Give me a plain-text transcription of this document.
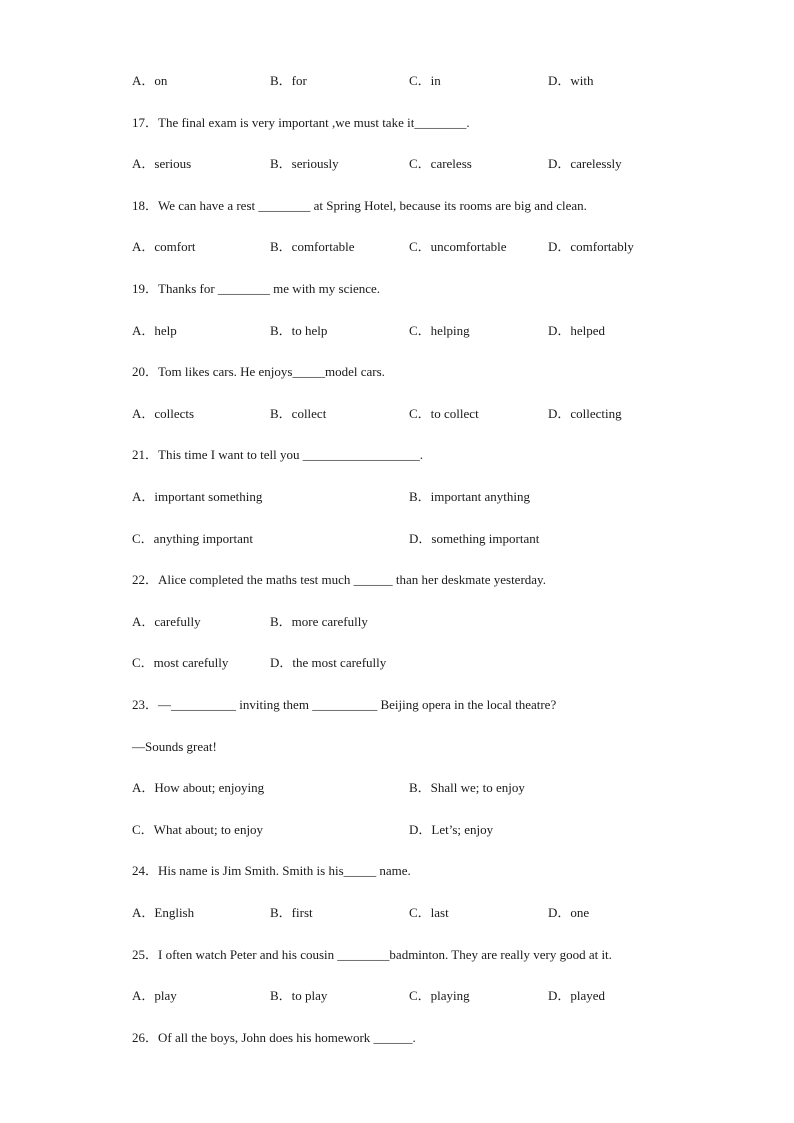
A．on	B．for	C．in	D．with
17．The final exam is very important ,we must take it________.
A．serious	B．seriously	C．careless	D．carelessly
18．We can have a rest ________ at Spring Hotel, because its rooms are big and clean.
A．comfort	B．comfortable	C．uncomfortable	D．comfortably
19．Thanks for ________ me with my science.
A．help	B．to help	C．helping	D．helped
20．Tom likes cars. He enjoys_____model cars.
A．collects	B．collect	C．to collect	D．collecting
21．This time I want to tell you __________________.
A．important something	B．important anything
C．anything important	D．something important
22．Alice completed the maths test much ______ than her deskmate yesterday.
A．carefully	B．more carefully
C．most carefully	D．the most carefully
23．—__________ inviting them __________ Beijing opera in the local theatre?
—Sounds great!
A．How about; enjoying	B．Shall we; to enjoy
C．What about; to enjoy	D．Let’s; enjoy
24．His name is Jim Smith. Smith is his_____ name.
A．English	B．first	C．last	D．one
25．I often watch Peter and his cousin ________badminton. They are really very good at it.
A．play	B．to play	C．playing	D．played
26．Of all the boys, John does his homework ______.
